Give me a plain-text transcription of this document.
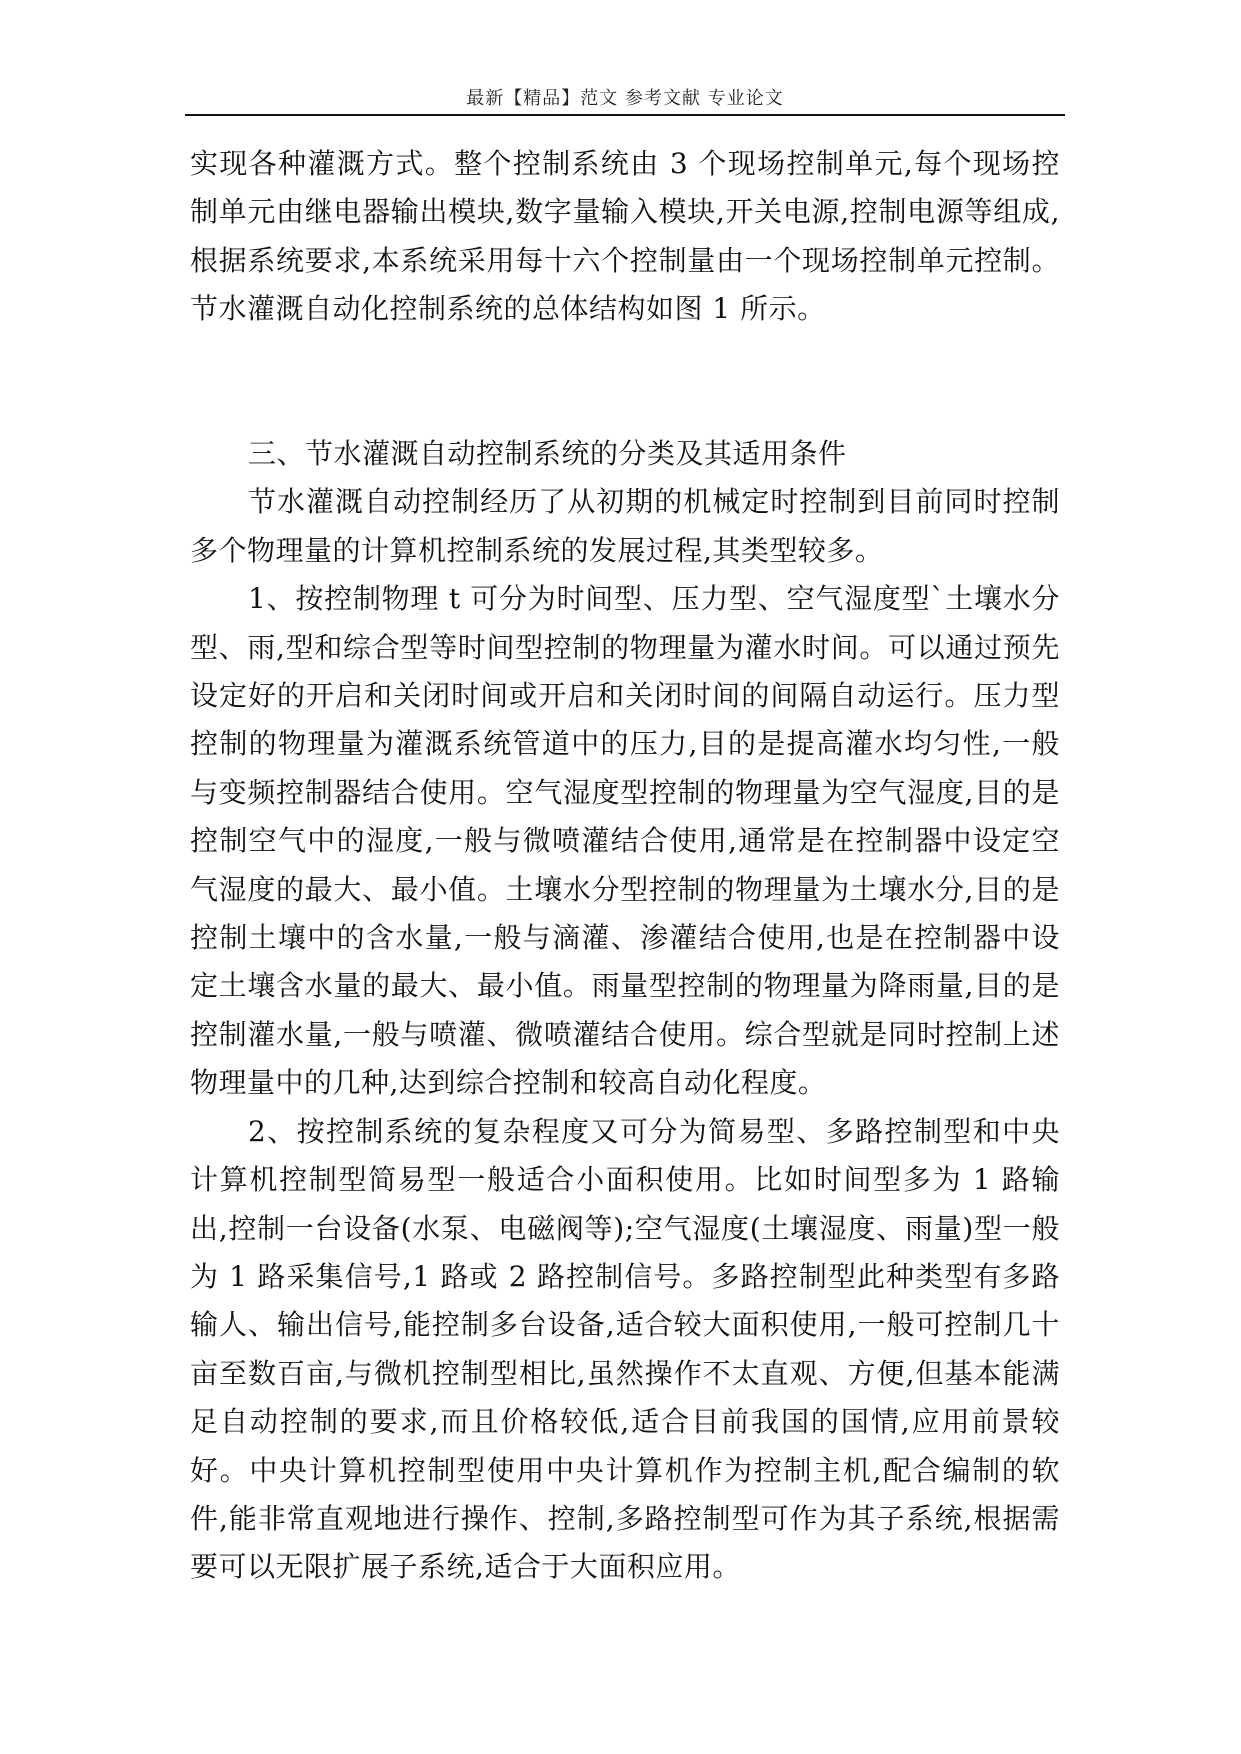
最新【精品】范文 参考文献 专业论文

实现各种灌溉方式。整个控制系统由 3 个现场控制单元,每个现场控制单元由继电器输出模块,数字量输入模块,开关电源,控制电源等组成,根据系统要求,本系统采用每十六个控制量由一个现场控制单元控制。节水灌溉自动化控制系统的总体结构如图 1 所示。

三、节水灌溉自动控制系统的分类及其适用条件

节水灌溉自动控制经历了从初期的机械定时控制到目前同时控制多个物理量的计算机控制系统的发展过程,其类型较多。

1、按控制物理 t 可分为时间型、压力型、空气湿度型`土壤水分型、雨,型和综合型等时间型控制的物理量为灌水时间。可以通过预先设定好的开启和关闭时间或开启和关闭时间的间隔自动运行。压力型控制的物理量为灌溉系统管道中的压力,目的是提高灌水均匀性,一般与变频控制器结合使用。空气湿度型控制的物理量为空气湿度,目的是控制空气中的湿度,一般与微喷灌结合使用,通常是在控制器中设定空气湿度的最大、最小值。土壤水分型控制的物理量为土壤水分,目的是控制土壤中的含水量,一般与滴灌、渗灌结合使用,也是在控制器中设定土壤含水量的最大、最小值。雨量型控制的物理量为降雨量,目的是控制灌水量,一般与喷灌、微喷灌结合使用。综合型就是同时控制上述物理量中的几种,达到综合控制和较高自动化程度。

2、按控制系统的复杂程度又可分为简易型、多路控制型和中央计算机控制型简易型一般适合小面积使用。比如时间型多为 1 路输出,控制一台设备(水泵、电磁阀等);空气湿度(土壤湿度、雨量)型一般为 1 路采集信号,1 路或 2 路控制信号。多路控制型此种类型有多路输人、输出信号,能控制多台设备,适合较大面积使用,一般可控制几十亩至数百亩,与微机控制型相比,虽然操作不太直观、方便,但基本能满足自动控制的要求,而且价格较低,适合目前我国的国情,应用前景较好。中央计算机控制型使用中央计算机作为控制主机,配合编制的软件,能非常直观地进行操作、控制,多路控制型可作为其子系统,根据需要可以无限扩展子系统,适合于大面积应用。
